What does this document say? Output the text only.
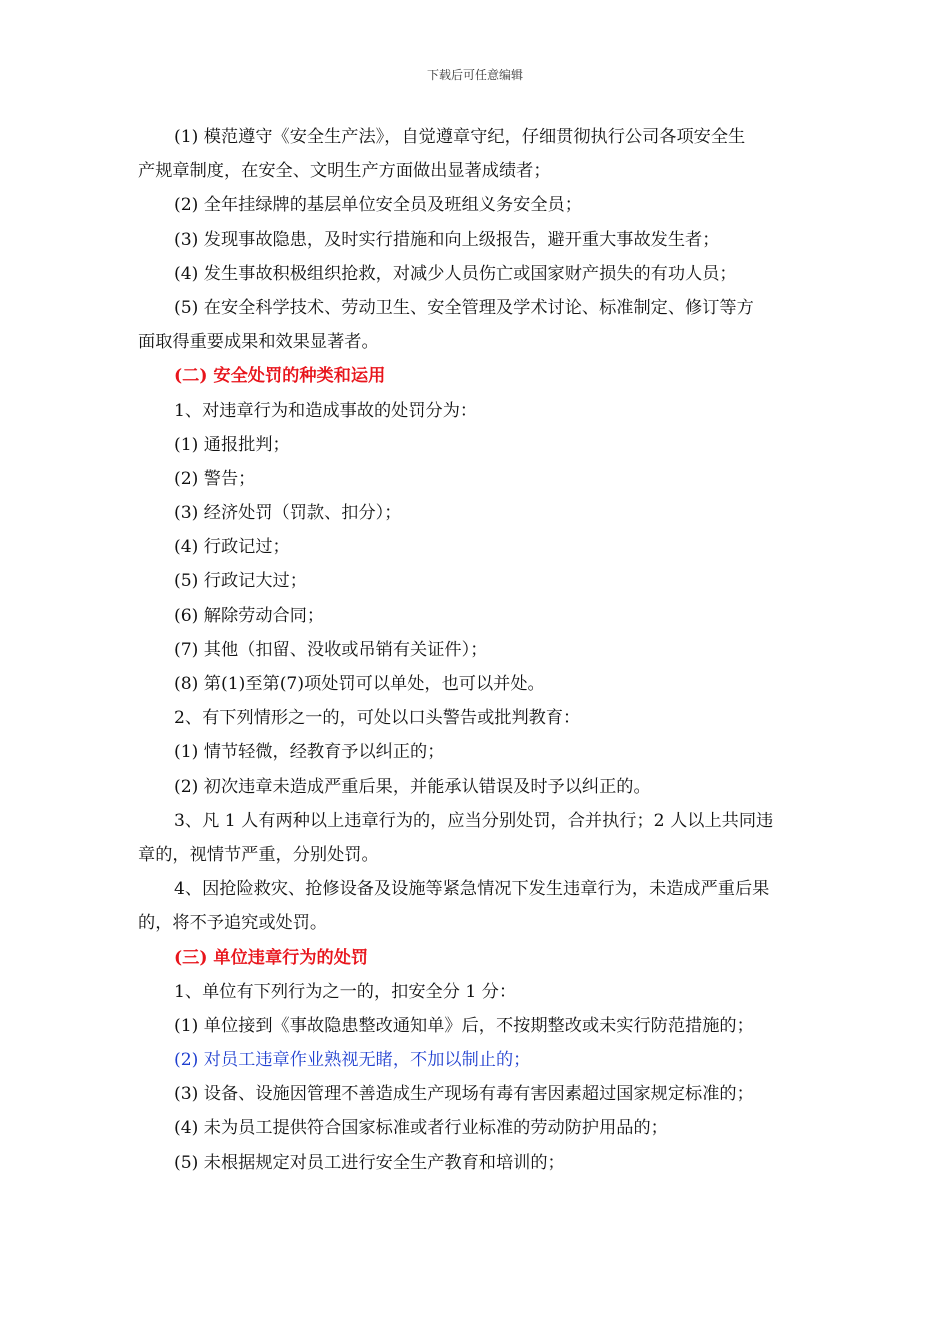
下载后可任意编辑
(1) 模范遵守《安全生产法》，自觉遵章守纪，仔细贯彻执行公司各项安全生
产规章制度，在安全、文明生产方面做出显著成绩者；
(2) 全年挂绿牌的基层单位安全员及班组义务安全员；
(3) 发现事故隐患，及时实行措施和向上级报告，避开重大事故发生者；
(4) 发生事故积极组织抢救，对减少人员伤亡或国家财产损失的有功人员；
(5) 在安全科学技术、劳动卫生、安全管理及学术讨论、标准制定、修订等方
面取得重要成果和效果显著者。
(二) 安全处罚的种类和运用
1、对违章行为和造成事故的处罚分为：
(1) 通报批判；
(2) 警告；
(3) 经济处罚（罚款、扣分）；
(4) 行政记过；
(5) 行政记大过；
(6) 解除劳动合同；
(7) 其他（扣留、没收或吊销有关证件）；
(8) 第(1)至第(7)项处罚可以单处，也可以并处。
2、有下列情形之一的，可处以口头警告或批判教育：
(1) 情节轻微，经教育予以纠正的；
(2) 初次违章未造成严重后果，并能承认错误及时予以纠正的。
3、凡 1 人有两种以上违章行为的，应当分别处罚，合并执行；2 人以上共同违
章的，视情节严重，分别处罚。
4、因抢险救灾、抢修设备及设施等紧急情况下发生违章行为，未造成严重后果
的，将不予追究或处罚。
(三) 单位违章行为的处罚
1、单位有下列行为之一的，扣安全分 1 分：
(1) 单位接到《事故隐患整改通知单》后，不按期整改或未实行防范措施的；
(2) 对员工违章作业熟视无睹，不加以制止的；
(3) 设备、设施因管理不善造成生产现场有毒有害因素超过国家规定标准的；
(4) 未为员工提供符合国家标准或者行业标准的劳动防护用品的；
(5) 未根据规定对员工进行安全生产教育和培训的；
